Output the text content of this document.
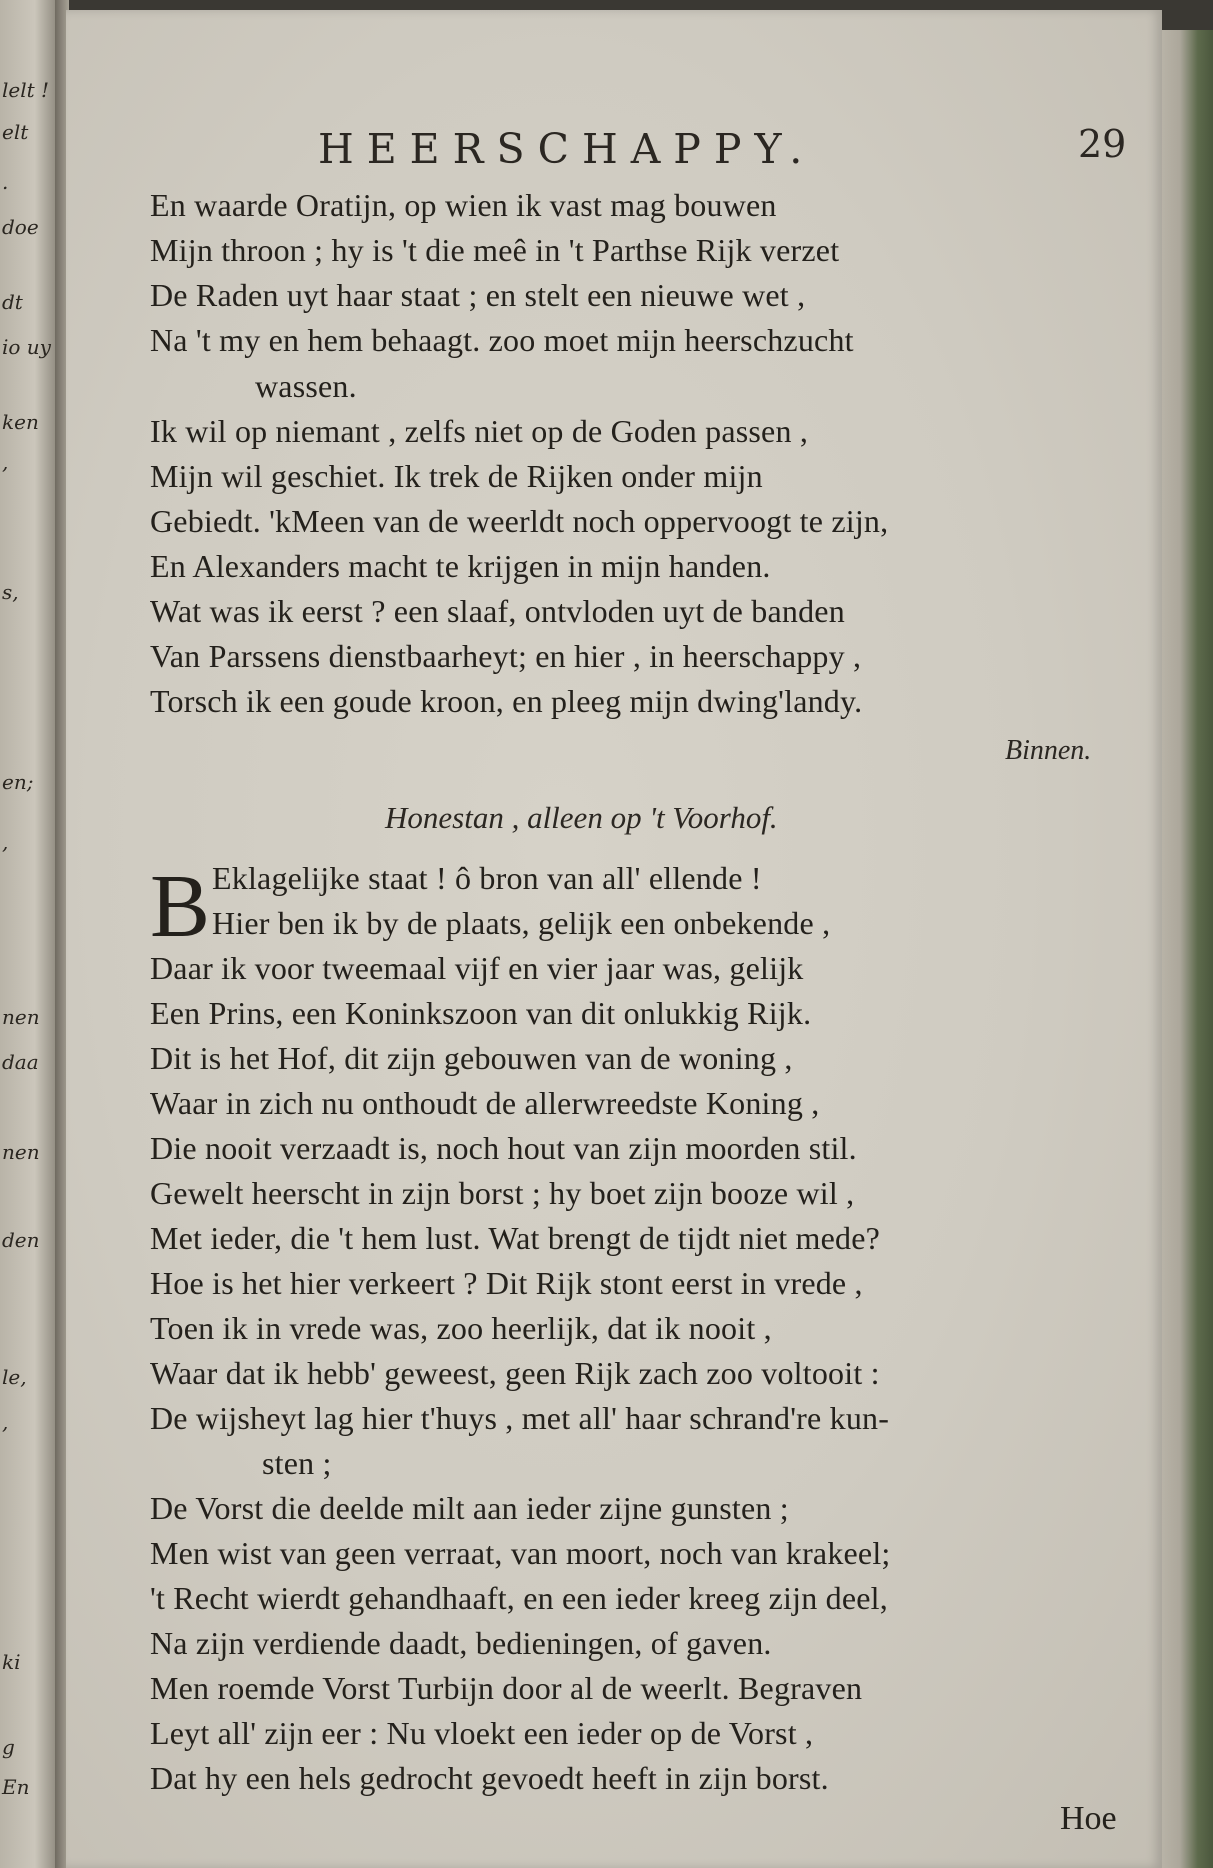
lelt !
elt
.
doe
dt
io uy
ken
,
s,
en;
,
nen
daa
nen
den
le,
,
ki
g
En
HEERSCHAPPY.	29
En waarde Oratijn, op wien ik vast mag bouwen
Mijn throon ; hy is 't die meê in 't Parthse Rijk verzet
De Raden uyt haar staat ; en stelt een nieuwe wet ,
Na 't my en hem behaagt. zoo moet mijn heerschzucht
wassen.
Ik wil op niemant , zelfs niet op de Goden passen ,
Mijn wil geschiet. Ik trek de Rijken onder mijn
Gebiedt. 'kMeen van de weerldt noch oppervoogt te zijn,
En Alexanders macht te krijgen in mijn handen.
Wat was ik eerst ? een slaaf, ontvloden uyt de banden
Van Parssens dienstbaarheyt; en hier , in heerschappy ,
Torsch ik een goude kroon, en pleeg mijn dwing'landy.
Binnen.
Honestan , alleen op 't Voorhof.
B Eklagelijke staat ! ô bron van all' ellende !
Hier ben ik by de plaats, gelijk een onbekende ,
Daar ik voor tweemaal vijf en vier jaar was, gelijk
Een Prins, een Koninkszoon van dit onlukkig Rijk.
Dit is het Hof, dit zijn gebouwen van de woning ,
Waar in zich nu onthoudt de allerwreedste Koning ,
Die nooit verzaadt is, noch hout van zijn moorden stil.
Gewelt heerscht in zijn borst ; hy boet zijn booze wil ,
Met ieder, die 't hem lust. Wat brengt de tijdt niet mede?
Hoe is het hier verkeert ? Dit Rijk stont eerst in vrede ,
Toen ik in vrede was, zoo heerlijk, dat ik nooit ,
Waar dat ik hebb' geweest, geen Rijk zach zoo voltooit :
De wijsheyt lag hier t'huys , met all' haar schrand're kun-
sten ;
De Vorst die deelde milt aan ieder zijne gunsten ;
Men wist van geen verraat, van moort, noch van krakeel;
't Recht wierdt gehandhaaft, en een ieder kreeg zijn deel,
Na zijn verdiende daadt, bedieningen, of gaven.
Men roemde Vorst Turbijn door al de weerlt. Begraven
Leyt all' zijn eer : Nu vloekt een ieder op de Vorst ,
Dat hy een hels gedrocht gevoedt heeft in zijn borst.
Hoe
